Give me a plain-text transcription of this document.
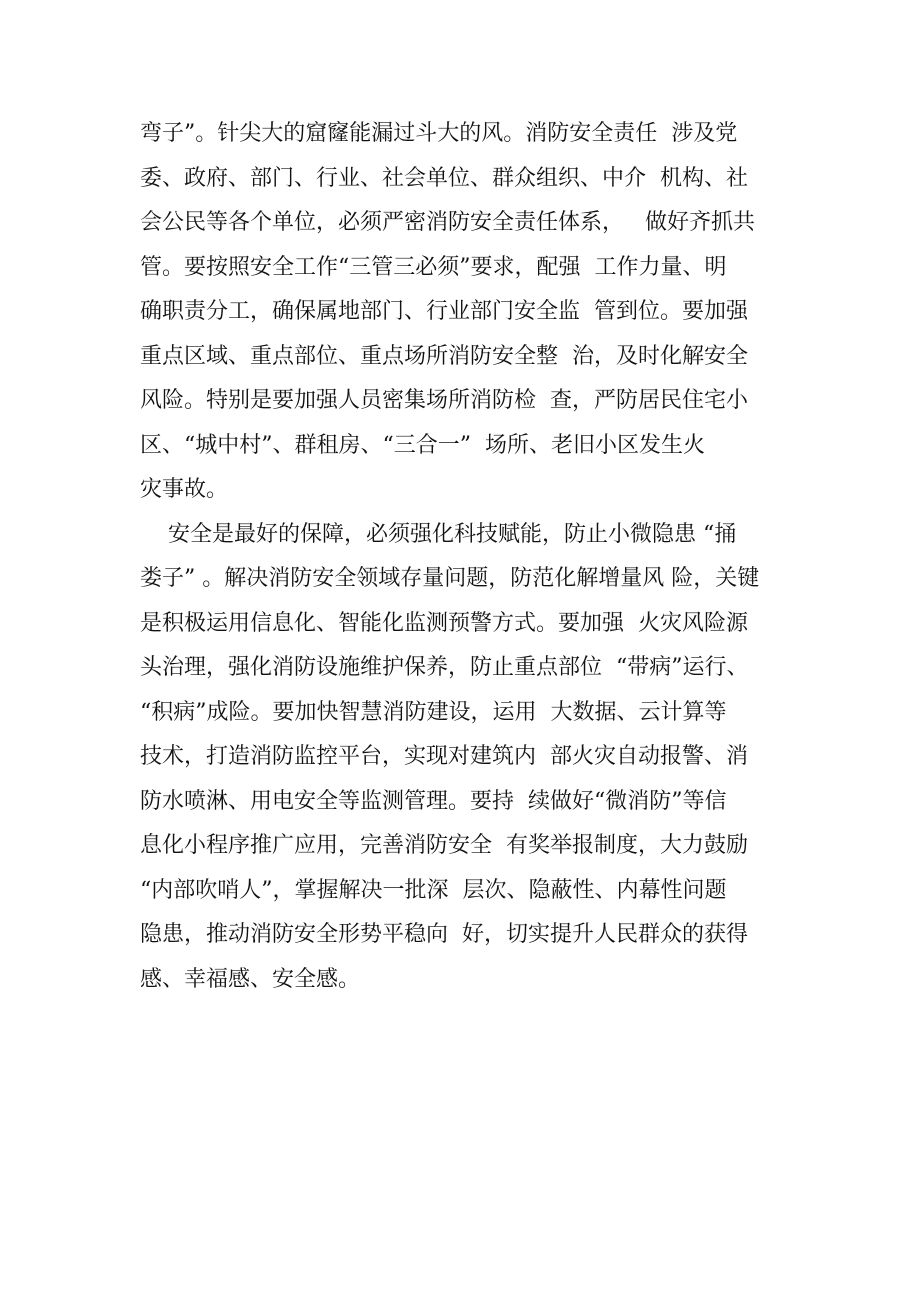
弯子”。针尖大的窟窿能漏过斗大的风。消防安全责任  涉及党

委、政府、部门、行业、社会单位、群众组织、中介  机构、社

会公民等各个单位，必须严密消防安全责任体系，   做好齐抓共

管。要按照安全工作“三管三必须”要求，配强  工作力量、明

确职责分工，确保属地部门、行业部门安全监  管到位。要加强

重点区域、重点部位、重点场所消防安全整  治，及时化解安全

风险。特别是要加强人员密集场所消防检  查，严防居民住宅小

区、“城中村”、群租房、“三合一”  场所、老旧小区发生火

灾事故。

安全是最好的保障，必须强化科技赋能，防止小微隐患 “捅

娄子” 。解决消防安全领域存量问题，防范化解增量风 险，关键

是积极运用信息化、智能化监测预警方式。要加强  火灾风险源

头治理，强化消防设施维护保养，防止重点部位  “带病”运行、

“积病”成险。要加快智慧消防建设，运用  大数据、云计算等

技术，打造消防监控平台，实现对建筑内  部火灾自动报警、消

防水喷淋、用电安全等监测管理。要持  续做好“微消防”等信

息化小程序推广应用，完善消防安全  有奖举报制度，大力鼓励

“内部吹哨人”，掌握解决一批深  层次、隐蔽性、内幕性问题

隐患，推动消防安全形势平稳向  好，切实提升人民群众的获得

感、幸福感、安全感。
